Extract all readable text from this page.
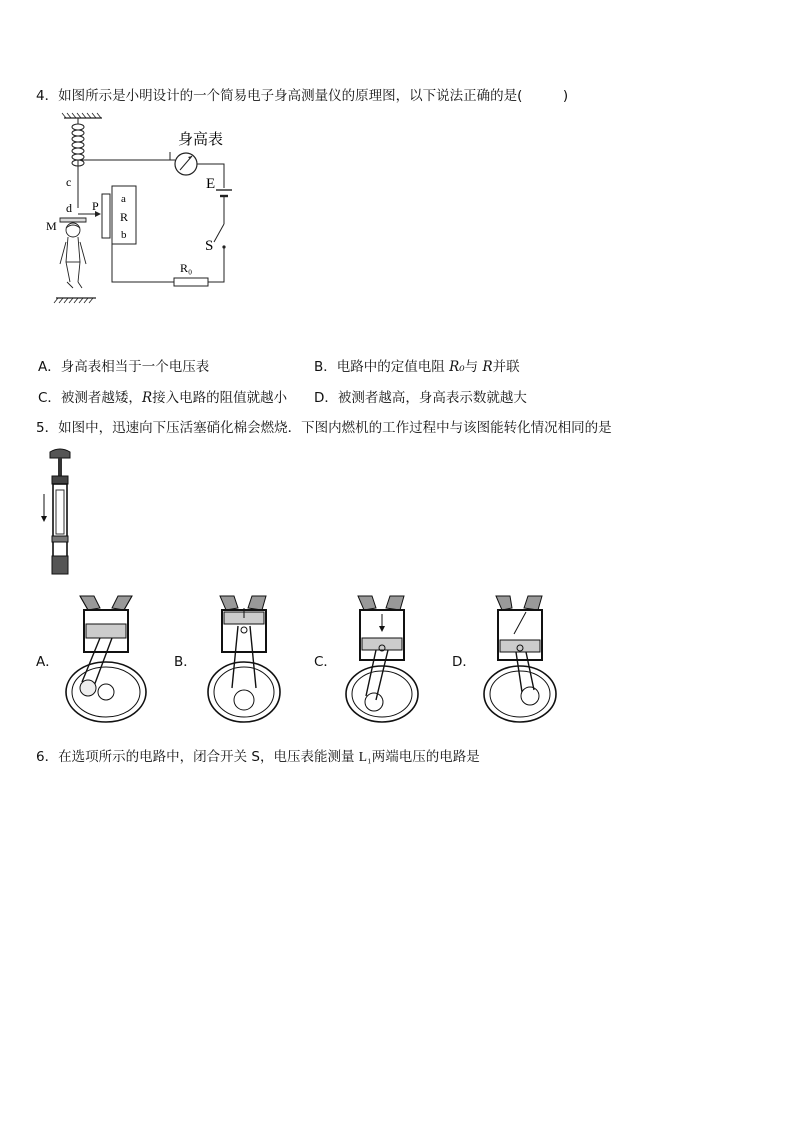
4．如图所示是小明设计的一个简易电子身高测量仪的原理图，以下说法正确的是(　　　)
身高表
E
S
R₀
a
R
b
P
c
d
M
A．身高表相当于一个电压表	B．电路中的定值电阻 R₀与 R并联
C．被测者越矮，R接入电路的阻值就越小 D．被测者越高，身高表示数就越大
5．如图中，迅速向下压活塞硝化棉会燃烧．下图内燃机的工作过程中与该图能转化情况相同的是
A．	B．	C．	D．
6．在选项所示的电路中，闭合开关 S，电压表能测量 L₁两端电压的电路是
